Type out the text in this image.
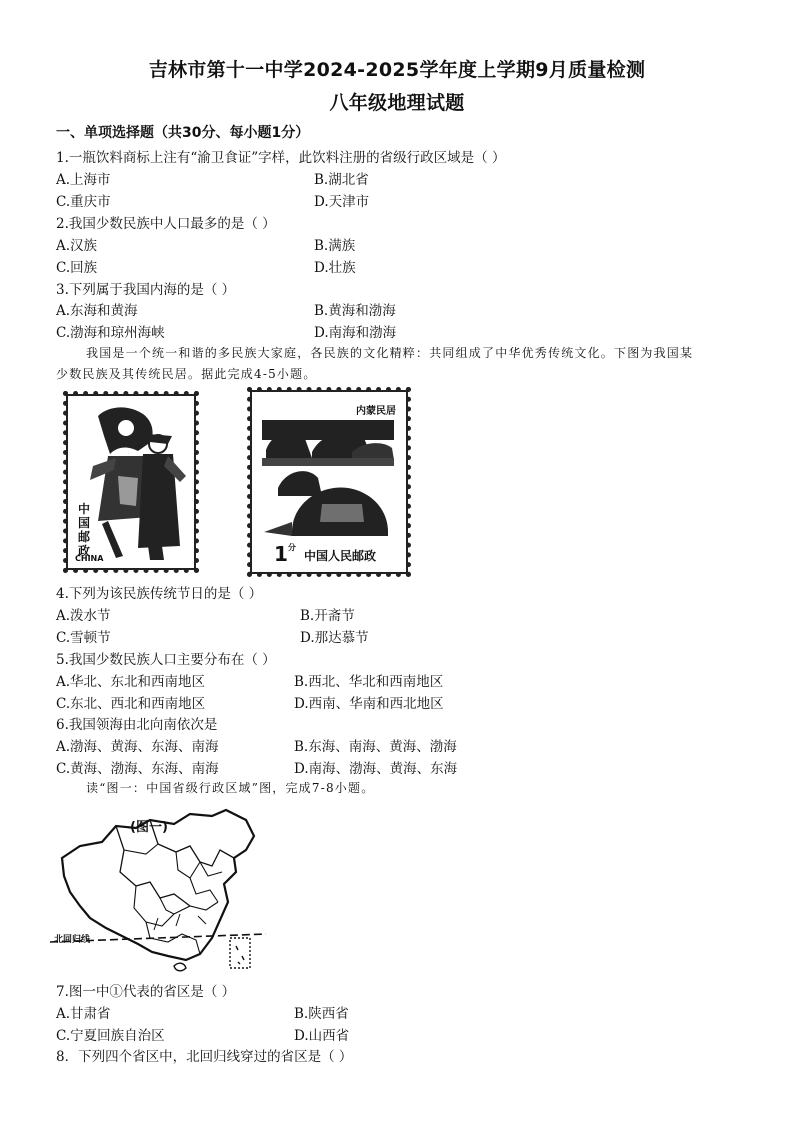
吉林市第十一中学2024-2025学年度上学期9月质量检测
八年级地理试题
一、单项选择题（共30分、每小题1分）
1.一瓶饮料商标上注有“渝卫食证”字样，此饮料注册的省级行政区域是（ ）
A.上海市	B.湖北省
C.重庆市	D.天津市
2.我国少数民族中人口最多的是（ ）
A.汉族	B.满族
C.回族	D.壮族
3.下列属于我国内海的是（ ）
A.东海和黄海	B.黄海和渤海
C.渤海和琼州海峡	D.南海和渤海
我国是一个统一和谐的多民族大家庭，各民族的文化精粹：共同组成了中华优秀传统文化。下图为我国某
少数民族及其传统民居。据此完成4-5小题。
中国邮政
CHINA
内蒙民居
$1^分$
中国人民邮政
4.下列为该民族传统节日的是（ ）
A.泼水节	B.开斋节
C.雪顿节	D.那达慕节
5.我国少数民族人口主要分布在（ ）
A.华北、东北和西南地区	B.西北、华北和西南地区
C.东北、西北和西南地区	D.西南、华南和西北地区
6.我国领海由北向南依次是
A.渤海、黄海、东海、南海	B.东海、南海、黄海、渤海
C.黄海、渤海、东海、南海	D.南海、渤海、黄海、东海
读“图一：中国省级行政区域”图，完成7-8小题。
(图一)
北回归线
7.图一中①代表的省区是（ ）
A.甘肃省	B.陕西省
C.宁夏回族自治区	D.山西省
8．下列四个省区中，北回归线穿过的省区是（ ）
